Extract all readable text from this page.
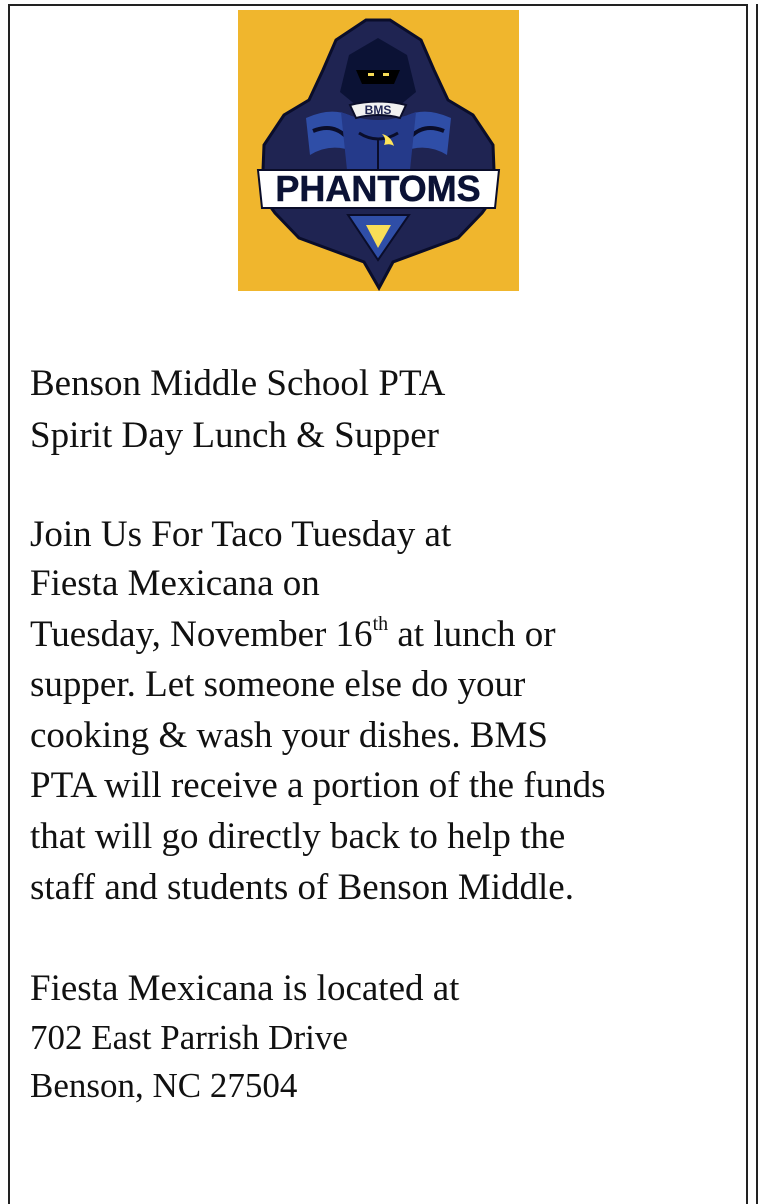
BMS
PHANTOMS

Benson Middle School PTA

Spirit Day Lunch & Supper

Join Us For Taco Tuesday at

Fiesta Mexicana on

Tuesday, November 16th at lunch or

supper. Let someone else do your

cooking & wash your dishes. BMS

PTA will receive a portion of the funds

that will go directly back to help the

staff and students of Benson Middle.

Fiesta Mexicana is located at

702 East Parrish Drive

Benson, NC 27504
